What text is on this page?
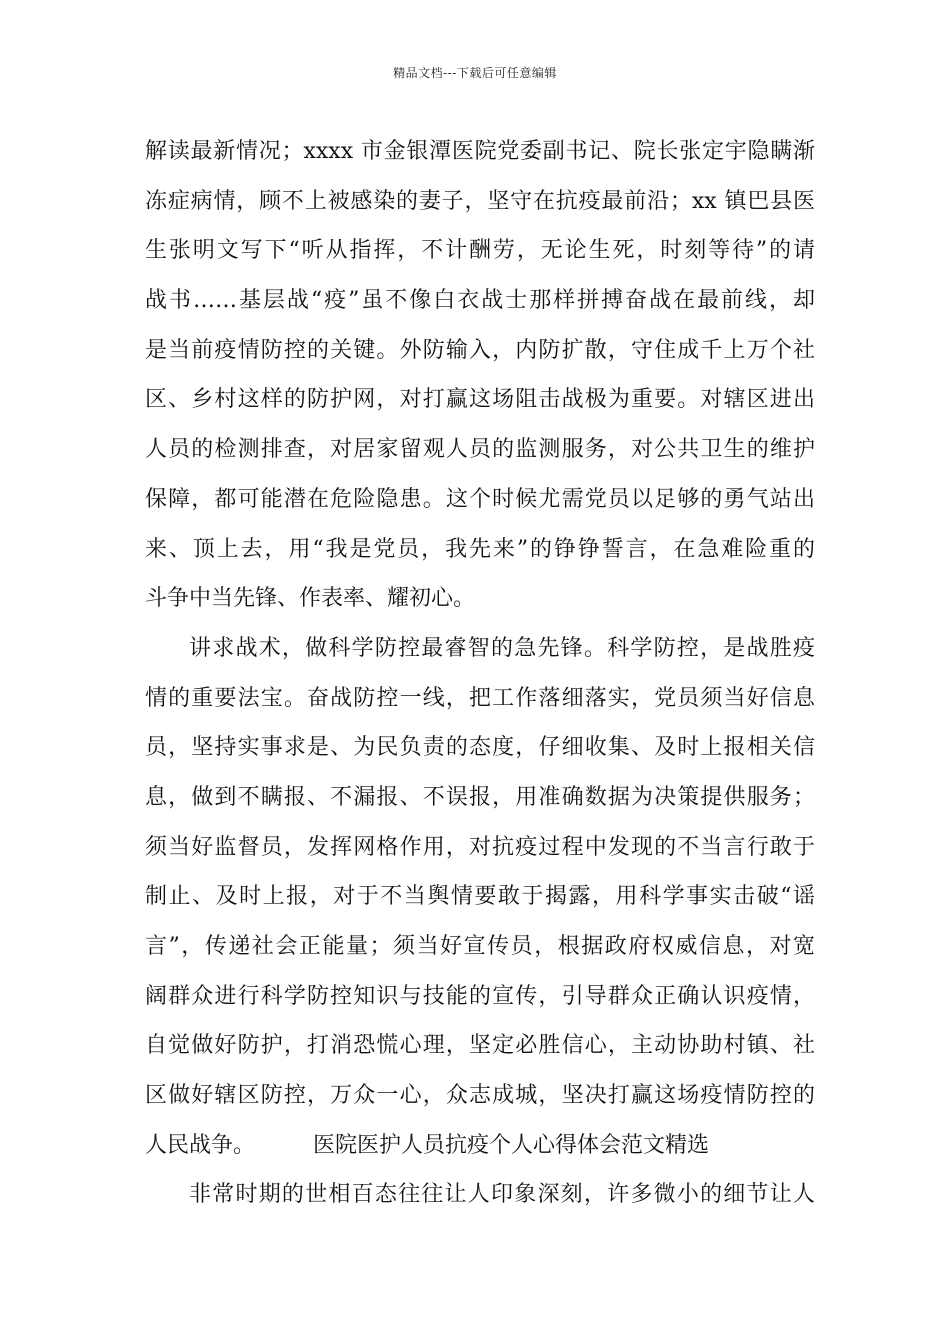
精品文档---下载后可任意编辑
解读最新情况；xxxx 市金银潭医院党委副书记、院长张定宇隐瞒渐
冻症病情，顾不上被感染的妻子，坚守在抗疫最前沿；xx 镇巴县医
生张明文写下“听从指挥，不计酬劳，无论生死，时刻等待”的请
战书……基层战“疫”虽不像白衣战士那样拼搏奋战在最前线，却
是当前疫情防控的关键。外防输入，内防扩散，守住成千上万个社
区、乡村这样的防护网，对打赢这场阻击战极为重要。对辖区进出
人员的检测排查，对居家留观人员的监测服务，对公共卫生的维护
保障，都可能潜在危险隐患。这个时候尤需党员以足够的勇气站出
来、顶上去，用“我是党员，我先来”的铮铮誓言，在急难险重的
斗争中当先锋、作表率、耀初心。
讲求战术，做科学防控最睿智的急先锋。科学防控，是战胜疫
情的重要法宝。奋战防控一线，把工作落细落实，党员须当好信息
员，坚持实事求是、为民负责的态度，仔细收集、及时上报相关信
息，做到不瞒报、不漏报、不误报，用准确数据为决策提供服务；
须当好监督员，发挥网格作用，对抗疫过程中发现的不当言行敢于
制止、及时上报，对于不当舆情要敢于揭露，用科学事实击破“谣
言”，传递社会正能量；须当好宣传员，根据政府权威信息，对宽
阔群众进行科学防控知识与技能的宣传，引导群众正确认识疫情，
自觉做好防护，打消恐慌心理，坚定必胜信心，主动协助村镇、社
区做好辖区防控，万众一心，众志成城，坚决打赢这场疫情防控的
人民战争。	医院医护人员抗疫个人心得体会范文精选
非常时期的世相百态往往让人印象深刻，许多微小的细节让人
